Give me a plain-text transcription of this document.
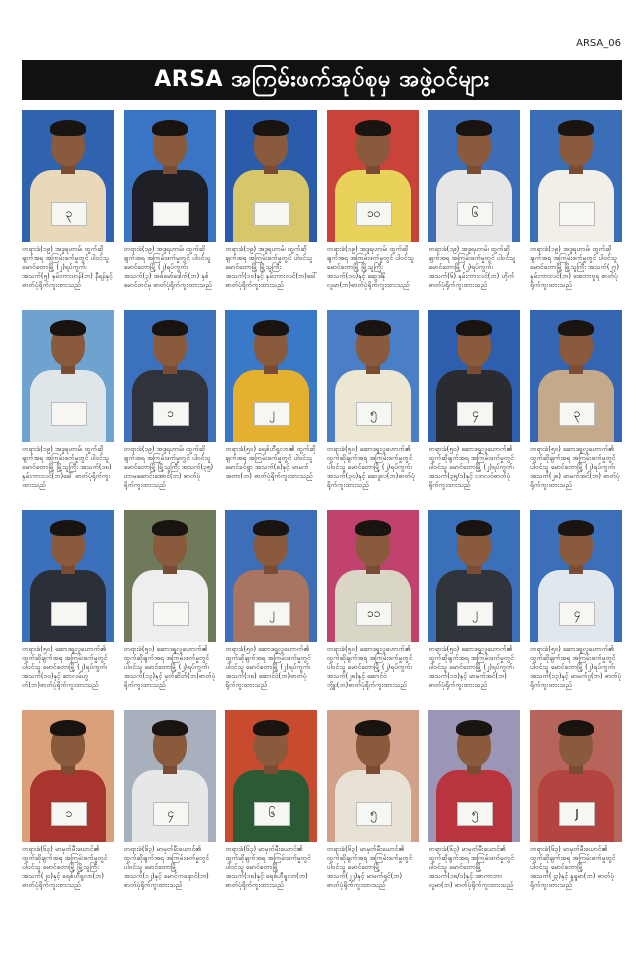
ARSA_06
ARSA အကြမ်းဖက်အုပ်စုမှ အဖွဲ့ဝင်များ
၃
တရားခံ(၁၉) အဒူရဟာမ်၊ ထွက်ဆိုချက်အရ အကြမ်းဖက်မှုတွင် ပါဝင်သူ မောင်တောမြို့ (၂)ရပ်ကွက်၊ အသက်(၅) နှမ်းကားဟန်(ဘ) နီရန်နှင့် ဓာတ်ပုံရိုက်ကူးထားသည်
တရားခံ(၁၉) အဒူရဟာမ်၊ ထွက်ဆိုချက်အရ အကြမ်းဖက်မှုတွင် ပါဝင်သူ မောင်တောမြို့ (၂)ရပ်ကွက်၊ အသက်(၃) အဖ်မော်ဒေါက်(ဘ) နှစ်မောင်တင်မှ ဓာတ်ပုံရိုက်ကူးထားသည်
တရားခံ(၁၉) အဒူရဟာမ်၊ ထွက်ဆိုချက်အရ အကြမ်းဖက်မှုတွင် ပါဝင်သူ မောင်တောမြို့ မြို့သူကြီး အသက်(၁၀)နှင့် နှမ်းကားလင်(ဘ)ခေါ် ဓာတ်ပုံရိုက်ကူးထားသည်
၁၀
တရားခံ(၁၉) အဒူရဟာမ်၊ ထွက်ဆိုချက်အရ အကြမ်းဖက်မှုတွင် ပါဝင်သူ မောင်တောမြို့ မြို့သူကြီး အသက်(၁၀)နှင့် ဆွေဒါနိုလူမာ(ဘ)ဓာတ်ပုံရိုက်ကူးထားသည်
၆
တရားခံ(၁၉) အဒူရဟာမ်၊ ထွက်ဆိုချက်အရ အကြမ်းဖက်မှုတွင် ပါဝင်သူ မောင်တောမြို့ (၂)ရပ်ကွက်၊ အသက်(၆) နှမ်းကားလင်(ဘ) ဟိုက်ဓာတ်ပုံရိုက်ကူးထားသည်
တရားခံ(၁၉) အဒူရဟာမ်၊ ထွက်ဆိုချက်အရ အကြမ်းဖက်မှုတွင် ပါဝင်သူ မောင်တောမြို့ မြို့သူကြီး အသက်(၂၇) နှမ်းကားလင်(ဘ) အေဘာဗူရ ဓာတ်ပုံရိုက်ကူးထားသည်
တရားခံ(၁၉) အဒူရဟာမ်၊ ထွက်ဆိုချက်အရ အကြမ်းဖက်မှုတွင် ပါဝင်သူ မောင်တောမြို့ မြို့သူကြီး အသက်(၁၈) နှမ်းကားလင်(ဘ)ခေါ် ဓာတ်ပုံရိုက်ကူးထားသည်
၁
တရားခံ(၁၉) အဒူရဟာမ်၊ ထွက်ဆိုချက်အရ အကြမ်းဖက်မှုတွင် ပါဝင်သူ မောင်တောမြို့ မြို့သူကြီး အသက်(၃၅) ဟာမဆောင်းအောင်(ဘ) ဓာတ်ပုံရိုက်ကူးထားသည်
၂
တရားခံ(၅၀) ခရစ်ဟီရူလာ၏ ထွက်ဆိုချက်အရ အကြမ်းဖက်မှုတွင် ပါဝင်သူ မောင်ခင်ရွာ အသက်(၈)နှင့် မာမက်အတာ(ဘ) ဓာတ်ပုံရိုက်ကူးထားသည်
၅
တရားခံ(၅၀) ဆောဒရူလူဟောက်၏ ထွက်ဆိုချက်အရ အကြမ်းဖက်မှုတွင် ပါဝင်သူ မောင်တောမြို့ (၂)ရပ်ကွက်၊ အသက်(၃၀)နှင့် ဆေဒူလ(ဘ)ဓာတ်ပုံရိုက်ကူးထားသည်
၄
တရားခံ(၅၀) ဆောဒရူလူဟောက်၏ ထွက်ဆိုချက်အရ အကြမ်းဖက်မှုတွင် ပါဝင်သူ မောင်တောမြို့ (၂)ရပ်ကွက်၊ အသက်(၃၅/၁)နှင့် လာလဝ်ဓာတ်ပုံရိုက်ကူးထားသည်
၃
တရားခံ(၅၀) ဆောဒရူလူဟောက်၏ ထွက်ဆိုချက်အရ အကြမ်းဖက်မှုတွင် ပါဝင်သူ မောင်တောမြို့ (၂)ရပ်ကွက်၊ အသက်(၂၈) မာမက်အင်(ဘ) ဓာတ်ပုံရိုက်ကူးထားသည်
တရားခံ(၅၀) ဆောဒရူလူဟောက်၏ ထွက်ဆိုချက်အရ အကြမ်းဖက်မှုတွင် ပါဝင်သူ မောင်တောမြို့ (၂)ရပ်ကွက်၊ အသက်(၁၀)နှင့် ဆာလမ်ဟွတ်(ဘ)ဓာတ်ပုံရိုက်ကူးထားသည်
တရားခံ(၅၀) ဆောဒရူလူဟောက်၏ ထွက်ဆိုချက်အရ အကြမ်းဖက်မှုတွင် ပါဝင်သူ မောင်တောမြို့ (၂)ရပ်ကွက်၊ အသက်(၁၃)နှင့် မှတ်ဆိတ်(ဘ)ဓာတ်ပုံရိုက်ကူးထားသည်
၂
တရားခံ(၅၀) ဆောဒရူလူဟောက်၏ ထွက်ဆိုချက်အရ အကြမ်းဖက်မှုတွင် ပါဝင်သူ မောင်တောမြို့ (၂)ရပ်ကွက်၊ အသက်(၁၈) ဆောင်ဝဲ(ဘ)ဓာတ်ပုံရိုက်ကူးထားသည်
၁၁
တရားခံ(၅၀) ဆောဒရူလူဟောက်၏ ထွက်ဆိုချက်အရ အကြမ်းဖက်မှုတွင် ပါဝင်သူ မောင်တောမြို့ (၂)ရပ်ကွက်၊ အသက်(၂၈)နှင့် ဆောင်ဝဲဘွိူး(ဘ)ဓာတ်ပုံရိုက်ကူးထားသည်
၂
တရားခံ(၅၀) ဆောဒရူလူဟောက်၏ ထွက်ဆိုချက်အရ အကြမ်းဖက်မှုတွင် ပါဝင်သူ မောင်တောမြို့ (၂)ရပ်ကွက်၊ အသက်(၁၁)နှင့် မာမက်အင်(ဘ) ဓာတ်ပုံရိုက်ကူးထားသည်
၄
တရားခံ(၅၀) ဆောဒရူလူဟောက်၏ ထွက်ဆိုချက်အရ အကြမ်းဖက်မှုတွင် ပါဝင်သူ မောင်တောမြို့ (၂)ရပ်ကွက်၊ အသက်(၁၃)နှင့် မာမက်ဂူ(ဘ) ဓာတ်ပုံရိုက်ကူးထားသည်
၁
တရားခံ(၆၃) မာမှတ်မီးယောင်၏ ထွက်ဆိုချက်အရ အကြမ်းဖက်မှုတွင် ပါဝင်သူ မောင်တောမြို့ မြို့သူကြီး အသက်(၂၀)နှင့် ခရစ်ဟီရူလာ(ဘ) ဓာတ်ပုံရိုက်ကူးထားသည်
၄
တရားခံ(၆၃) မာမှတ်မီးယောင်၏ ထွက်ဆိုချက်အရ အကြမ်းဖက်မှုတွင် ပါဝင်သူ မောင်တောမြို့ အသက်(၁၂)နှင့် မောင်ကနောင်(ဘ) ဓာတ်ပုံရိုက်ကူးထားသည်
၆
တရားခံ(၆၃) မာမှတ်မီးယောင်၏ ထွက်ဆိုချက်အရ အကြမ်းဖက်မှုတွင် ပါဝင်သူ မောင်တောမြို့ အသက်(၁၈)နှင့် ခရစ်ဟီရူလာ(ဘ) ဓာတ်ပုံရိုက်ကူးထားသည်
၅
တရားခံ(၆၃) မာမှတ်မီးယောင်၏ ထွက်ဆိုချက်အရ အကြမ်းဖက်မှုတွင် ပါဝင်သူ မောင်တောမြို့ အသက်(၂၂)နှင့် မာမက်ရှင်(ဘ) ဓာတ်ပုံရိုက်ကူးထားသည်
၅
တရားခံ(၆၃) မာမှတ်မီးယောင်၏ ထွက်ဆိုချက်အရ အကြမ်းဖက်မှုတွင် ပါဝင်သူ မောင်တောမြို့ အသက်(၁၈/၁)နှင့် အာကာဘာလူမာ(ဘ) ဓာတ်ပုံရိုက်ကူးထားသည်
J
တရားခံ(၆၃) မာမှတ်မီးယောင်၏ ထွက်ဆိုချက်အရ အကြမ်းဖက်မှုတွင် ပါဝင်သူ မောင်တောမြို့ အသက်(၂၃)နှင့် နူရူမာ(ဘ) ဓာတ်ပုံရိုက်ကူးထားသည်
